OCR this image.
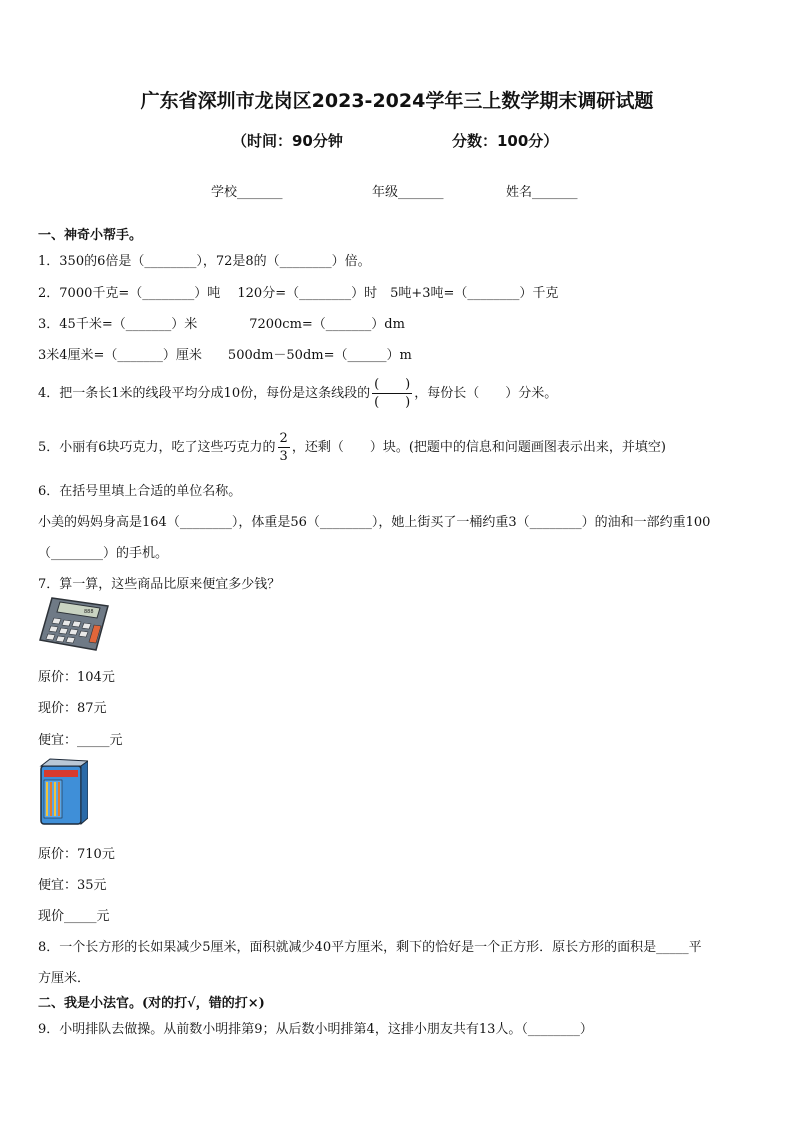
广东省深圳市龙岗区2023-2024学年三上数学期末调研试题
（时间：90分钟	分数：100分）
学校_______	年级_______	姓名_______
一、神奇小帮手。
1．350的6倍是（________），72是8的（________）倍。
2．7000千克=（________）吨　 120分=（________）时　5吨+3吨=（________）千克
3．45千米=（_______）米　　　　7200cm=（_______）dm
3米4厘米=（_______）厘米　　500dm－50dm=（______）m
4．把一条长1米的线段平均分成10份，每份是这条线段的 $\frac{( )}{( )}$ ，每份长（　　）分米。
5．小丽有6块巧克力，吃了这些巧克力的 $\frac{2}{3}$ ，还剩（　　）块。(把题中的信息和问题画图表示出来，并填空)
6．在括号里填上合适的单位名称。
小美的妈妈身高是164（________），体重是56（________），她上街买了一桶约重3（________）的油和一部约重100
（________）的手机。
7．算一算，这些商品比原来便宜多少钱？
888
原价：104元
现价：87元
便宜：_____元
原价：710元
便宜：35元
现价_____元
8．一个长方形的长如果减少5厘米，面积就减少40平方厘米，剩下的恰好是一个正方形．原长方形的面积是_____平
方厘米．
二、我是小法官。(对的打√，错的打×)
9．小明排队去做操。从前数小明排第9；从后数小明排第4，这排小朋友共有13人。（________）
